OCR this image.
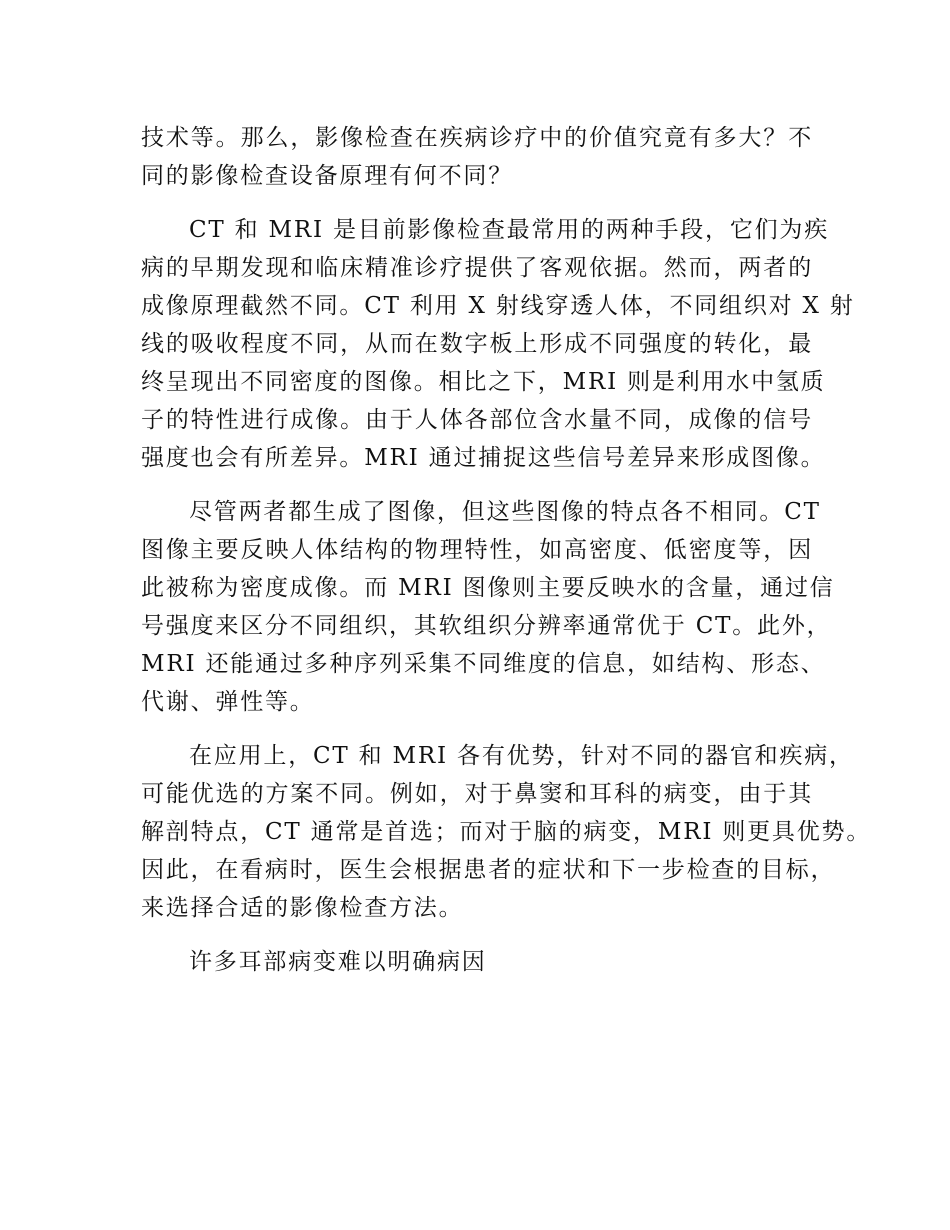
技术等。那么，影像检查在疾病诊疗中的价值究竟有多大？不
同的影像检查设备原理有何不同？

CT 和 MRI 是目前影像检查最常用的两种手段，它们为疾
病的早期发现和临床精准诊疗提供了客观依据。然而，两者的
成像原理截然不同。CT 利用 X 射线穿透人体，不同组织对 X 射
线的吸收程度不同，从而在数字板上形成不同强度的转化，最
终呈现出不同密度的图像。相比之下，MRI 则是利用水中氢质
子的特性进行成像。由于人体各部位含水量不同，成像的信号
强度也会有所差异。MRI 通过捕捉这些信号差异来形成图像。

尽管两者都生成了图像，但这些图像的特点各不相同。CT
图像主要反映人体结构的物理特性，如高密度、低密度等，因
此被称为密度成像。而 MRI 图像则主要反映水的含量，通过信
号强度来区分不同组织，其软组织分辨率通常优于 CT。此外，
MRI 还能通过多种序列采集不同维度的信息，如结构、形态、
代谢、弹性等。

在应用上，CT 和 MRI 各有优势，针对不同的器官和疾病，
可能优选的方案不同。例如，对于鼻窦和耳科的病变，由于其
解剖特点，CT 通常是首选；而对于脑的病变，MRI 则更具优势。
因此，在看病时，医生会根据患者的症状和下一步检查的目标，
来选择合适的影像检查方法。

许多耳部病变难以明确病因
